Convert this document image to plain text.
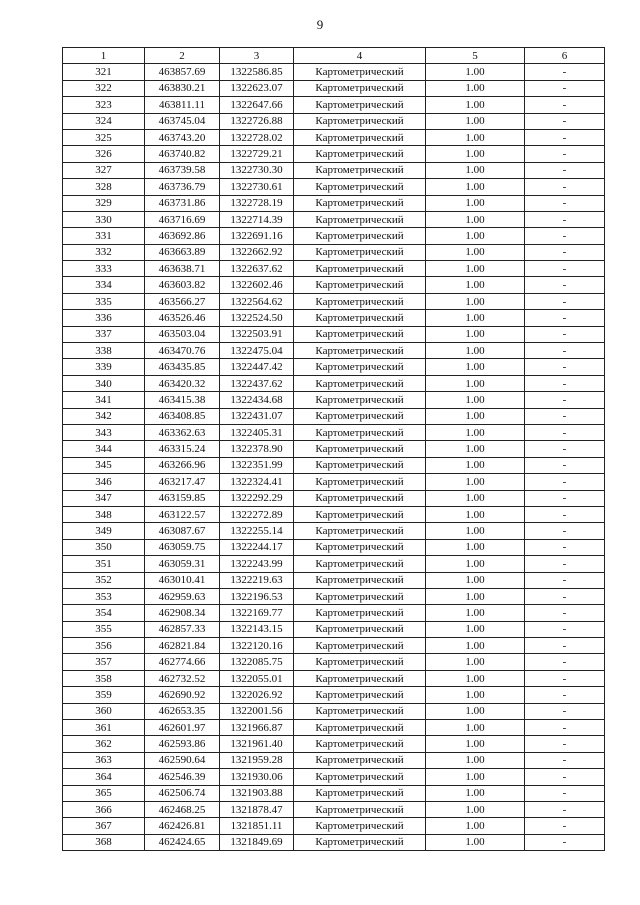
9
1	2	3	4	5	6
321	463857.69	1322586.85	Картометрический	1.00	-
322	463830.21	1322623.07	Картометрический	1.00	-
323	463811.11	1322647.66	Картометрический	1.00	-
324	463745.04	1322726.88	Картометрический	1.00	-
325	463743.20	1322728.02	Картометрический	1.00	-
326	463740.82	1322729.21	Картометрический	1.00	-
327	463739.58	1322730.30	Картометрический	1.00	-
328	463736.79	1322730.61	Картометрический	1.00	-
329	463731.86	1322728.19	Картометрический	1.00	-
330	463716.69	1322714.39	Картометрический	1.00	-
331	463692.86	1322691.16	Картометрический	1.00	-
332	463663.89	1322662.92	Картометрический	1.00	-
333	463638.71	1322637.62	Картометрический	1.00	-
334	463603.82	1322602.46	Картометрический	1.00	-
335	463566.27	1322564.62	Картометрический	1.00	-
336	463526.46	1322524.50	Картометрический	1.00	-
337	463503.04	1322503.91	Картометрический	1.00	-
338	463470.76	1322475.04	Картометрический	1.00	-
339	463435.85	1322447.42	Картометрический	1.00	-
340	463420.32	1322437.62	Картометрический	1.00	-
341	463415.38	1322434.68	Картометрический	1.00	-
342	463408.85	1322431.07	Картометрический	1.00	-
343	463362.63	1322405.31	Картометрический	1.00	-
344	463315.24	1322378.90	Картометрический	1.00	-
345	463266.96	1322351.99	Картометрический	1.00	-
346	463217.47	1322324.41	Картометрический	1.00	-
347	463159.85	1322292.29	Картометрический	1.00	-
348	463122.57	1322272.89	Картометрический	1.00	-
349	463087.67	1322255.14	Картометрический	1.00	-
350	463059.75	1322244.17	Картометрический	1.00	-
351	463059.31	1322243.99	Картометрический	1.00	-
352	463010.41	1322219.63	Картометрический	1.00	-
353	462959.63	1322196.53	Картометрический	1.00	-
354	462908.34	1322169.77	Картометрический	1.00	-
355	462857.33	1322143.15	Картометрический	1.00	-
356	462821.84	1322120.16	Картометрический	1.00	-
357	462774.66	1322085.75	Картометрический	1.00	-
358	462732.52	1322055.01	Картометрический	1.00	-
359	462690.92	1322026.92	Картометрический	1.00	-
360	462653.35	1322001.56	Картометрический	1.00	-
361	462601.97	1321966.87	Картометрический	1.00	-
362	462593.86	1321961.40	Картометрический	1.00	-
363	462590.64	1321959.28	Картометрический	1.00	-
364	462546.39	1321930.06	Картометрический	1.00	-
365	462506.74	1321903.88	Картометрический	1.00	-
366	462468.25	1321878.47	Картометрический	1.00	-
367	462426.81	1321851.11	Картометрический	1.00	-
368	462424.65	1321849.69	Картометрический	1.00	-
